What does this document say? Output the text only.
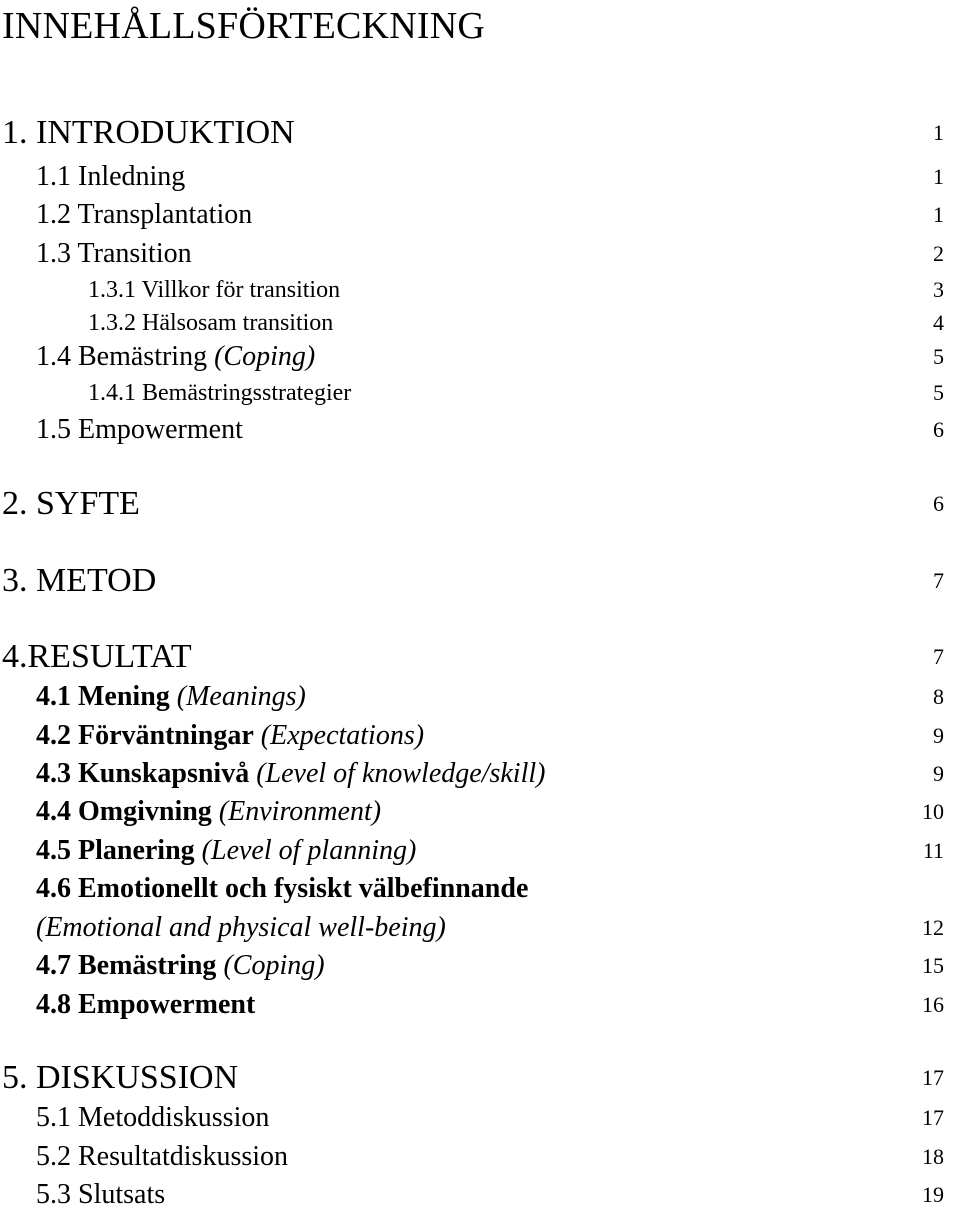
INNEHÅLLSFÖRTECKNING
1. INTRODUKTION	1
1.1 Inledning	1
1.2 Transplantation	1
1.3 Transition	2
1.3.1 Villkor för transition	3
1.3.2 Hälsosam transition	4
1.4 Bemästring (Coping)	5
1.4.1 Bemästringsstrategier	5
1.5 Empowerment	6
2. SYFTE	6
3. METOD	7
4.RESULTAT	7
4.1 Mening (Meanings)	8
4.2 Förväntningar (Expectations)	9
4.3 Kunskapsnivå (Level of knowledge/skill)	9
4.4 Omgivning (Environment)	10
4.5 Planering (Level of planning)	11
4.6 Emotionellt och fysiskt välbefinnande
(Emotional and physical well-being)	12
4.7 Bemästring (Coping)	15
4.8 Empowerment	16
5. DISKUSSION	17
5.1 Metoddiskussion	17
5.2 Resultatdiskussion	18
5.3 Slutsats	19
